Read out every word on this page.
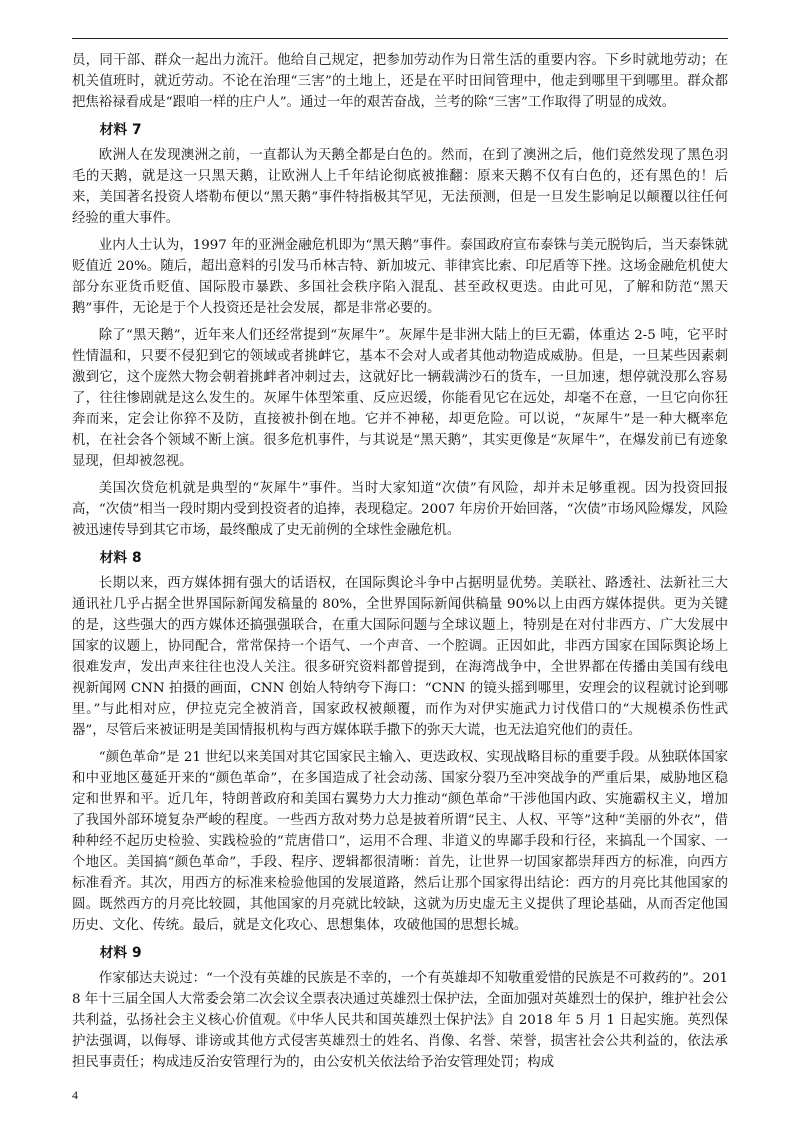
员，同干部、群众一起出力流汗。他给自己规定，把参加劳动作为日常生活的重要内容。下乡时就地劳动；在机关值班时，就近劳动。不论在治理“三害”的土地上，还是在平时田间管理中，他走到哪里干到哪里。群众都把焦裕禄看成是“跟咱一样的庄户人”。通过一年的艰苦奋战，兰考的除“三害”工作取得了明显的成效。

材料 7

欧洲人在发现澳洲之前，一直都认为天鹅全都是白色的。然而，在到了澳洲之后，他们竟然发现了黑色羽毛的天鹅，就是这一只黑天鹅，让欧洲人上千年结论彻底被推翻：原来天鹅不仅有白色的，还有黑色的！后来，美国著名投资人塔勒布便以“黑天鹅”事件特指极其罕见，无法预测，但是一旦发生影响足以颠覆以往任何经验的重大事件。

业内人士认为，1997 年的亚洲金融危机即为“黑天鹅”事件。泰国政府宣布泰铢与美元脱钩后，当天泰铢就贬值近 20%。随后，超出意料的引发马币林吉特、新加坡元、菲律宾比索、印尼盾等下挫。这场金融危机使大部分东亚货币贬值、国际股市暴跌、多国社会秩序陷入混乱、甚至政权更迭。由此可见，了解和防范“黑天鹅”事件，无论是于个人投资还是社会发展，都是非常必要的。

除了“黑天鹅”，近年来人们还经常提到“灰犀牛”。灰犀牛是非洲大陆上的巨无霸，体重达 2-5 吨，它平时性情温和，只要不侵犯到它的领域或者挑衅它，基本不会对人或者其他动物造成威胁。但是，一旦某些因素刺激到它，这个庞然大物会朝着挑衅者冲刺过去，这就好比一辆载满沙石的货车，一旦加速，想停就没那么容易了，往往惨剧就是这么发生的。灰犀牛体型笨重、反应迟缓，你能看见它在远处，却毫不在意，一旦它向你狂奔而来，定会让你猝不及防，直接被扑倒在地。它并不神秘，却更危险。可以说，“灰犀牛”是一种大概率危机，在社会各个领域不断上演。很多危机事件，与其说是“黑天鹅”，其实更像是“灰犀牛”，在爆发前已有迹象显现，但却被忽视。

美国次贷危机就是典型的“灰犀牛”事件。当时大家知道“次债”有风险，却并未足够重视。因为投资回报高，“次债”相当一段时期内受到投资者的追捧，表现稳定。2007 年房价开始回落，“次债”市场风险爆发，风险被迅速传导到其它市场，最终酿成了史无前例的全球性金融危机。

材料 8

长期以来，西方媒体拥有强大的话语权，在国际舆论斗争中占据明显优势。美联社、路透社、法新社三大通讯社几乎占据全世界国际新闻发稿量的 80%，全世界国际新闻供稿量 90%以上由西方媒体提供。更为关键的是，这些强大的西方媒体还搞强强联合，在重大国际问题与全球议题上，特别是在对付非西方、广大发展中国家的议题上，协同配合，常常保持一个语气、一个声音、一个腔调。正因如此，非西方国家在国际舆论场上很难发声，发出声来往往也没人关注。很多研究资料都曾提到，在海湾战争中，全世界都在传播由美国有线电视新闻网 CNN 拍摄的画面，CNN 创始人特纳夸下海口：“CNN 的镜头摇到哪里，安理会的议程就讨论到哪里。”与此相对应，伊拉克完全被消音，国家政权被颠覆，而作为对伊实施武力讨伐借口的“大规模杀伤性武器”，尽管后来被证明是美国情报机构与西方媒体联手撒下的弥天大谎，也无法追究他们的责任。

“颜色革命”是 21 世纪以来美国对其它国家民主输入、更迭政权、实现战略目标的重要手段。从独联体国家和中亚地区蔓延开来的“颜色革命”，在多国造成了社会动荡、国家分裂乃至冲突战争的严重后果，威胁地区稳定和世界和平。近几年，特朗普政府和美国右翼势力大力推动“颜色革命”干涉他国内政、实施霸权主义，增加了我国外部环境复杂严峻的程度。一些西方敌对势力总是披着所谓“民主、人权、平等”这种“美丽的外衣”，借种种经不起历史检验、实践检验的“荒唐借口”，运用不合理、非道义的卑鄙手段和行径，来搞乱一个国家、一个地区。美国搞“颜色革命”，手段、程序、逻辑都很清晰：首先，让世界一切国家都崇拜西方的标准，向西方标准看齐。其次，用西方的标准来检验他国的发展道路，然后让那个国家得出结论：西方的月亮比其他国家的圆。既然西方的月亮比较圆，其他国家的月亮就比较缺，这就为历史虚无主义提供了理论基础，从而否定他国历史、文化、传统。最后，就是文化攻心、思想集体，攻破他国的思想长城。

材料 9

作家郁达夫说过：“一个没有英雄的民族是不幸的，一个有英雄却不知敬重爱惜的民族是不可救药的”。2018 年十三届全国人大常委会第二次会议全票表决通过英雄烈士保护法，全面加强对英雄烈士的保护，维护社会公共利益，弘扬社会主义核心价值观。《中华人民共和国英雄烈士保护法》自 2018 年 5 月 1 日起实施。英烈保护法强调，以侮辱、诽谤或其他方式侵害英雄烈士的姓名、肖像、名誉、荣誉，损害社会公共利益的，依法承担民事责任；构成违反治安管理行为的，由公安机关依法给予治安管理处罚；构成

4
